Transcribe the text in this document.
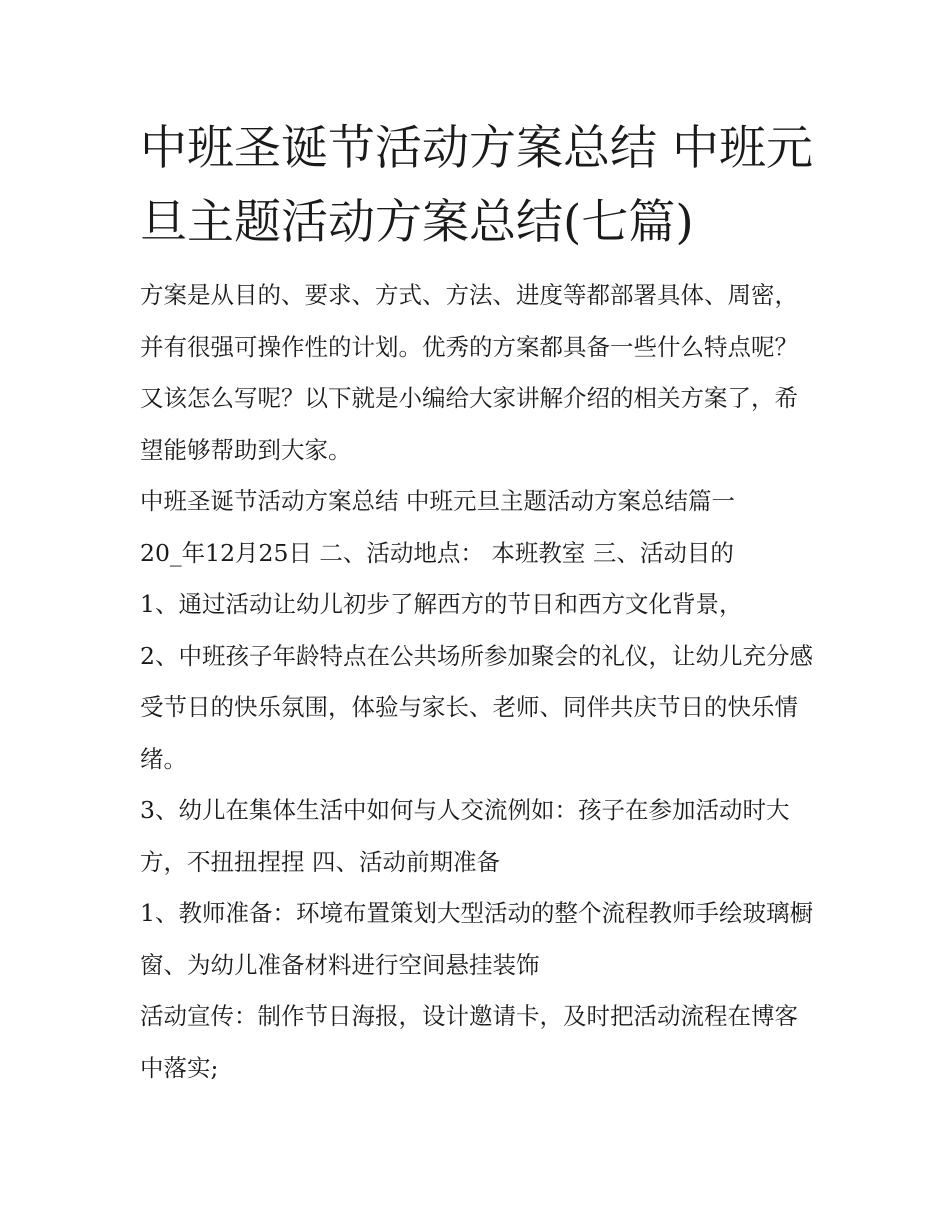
中班圣诞节活动方案总结 中班元旦主题活动方案总结(七篇)

方案是从目的、要求、方式、方法、进度等都部署具体、周密，并有很强可操作性的计划。优秀的方案都具备一些什么特点呢？又该怎么写呢？以下就是小编给大家讲解介绍的相关方案了，希望能够帮助到大家。

中班圣诞节活动方案总结 中班元旦主题活动方案总结篇一

20_年12月25日 二、活动地点： 本班教室 三、活动目的

1、通过活动让幼儿初步了解西方的节日和西方文化背景，

2、中班孩子年龄特点在公共场所参加聚会的礼仪，让幼儿充分感受节日的快乐氛围，体验与家长、老师、同伴共庆节日的快乐情绪。

3、幼儿在集体生活中如何与人交流例如：孩子在参加活动时大方，不扭扭捏捏 四、活动前期准备

1、教师准备：环境布置策划大型活动的整个流程教师手绘玻璃橱窗、为幼儿准备材料进行空间悬挂装饰

活动宣传：制作节日海报，设计邀请卡，及时把活动流程在博客中落实;
